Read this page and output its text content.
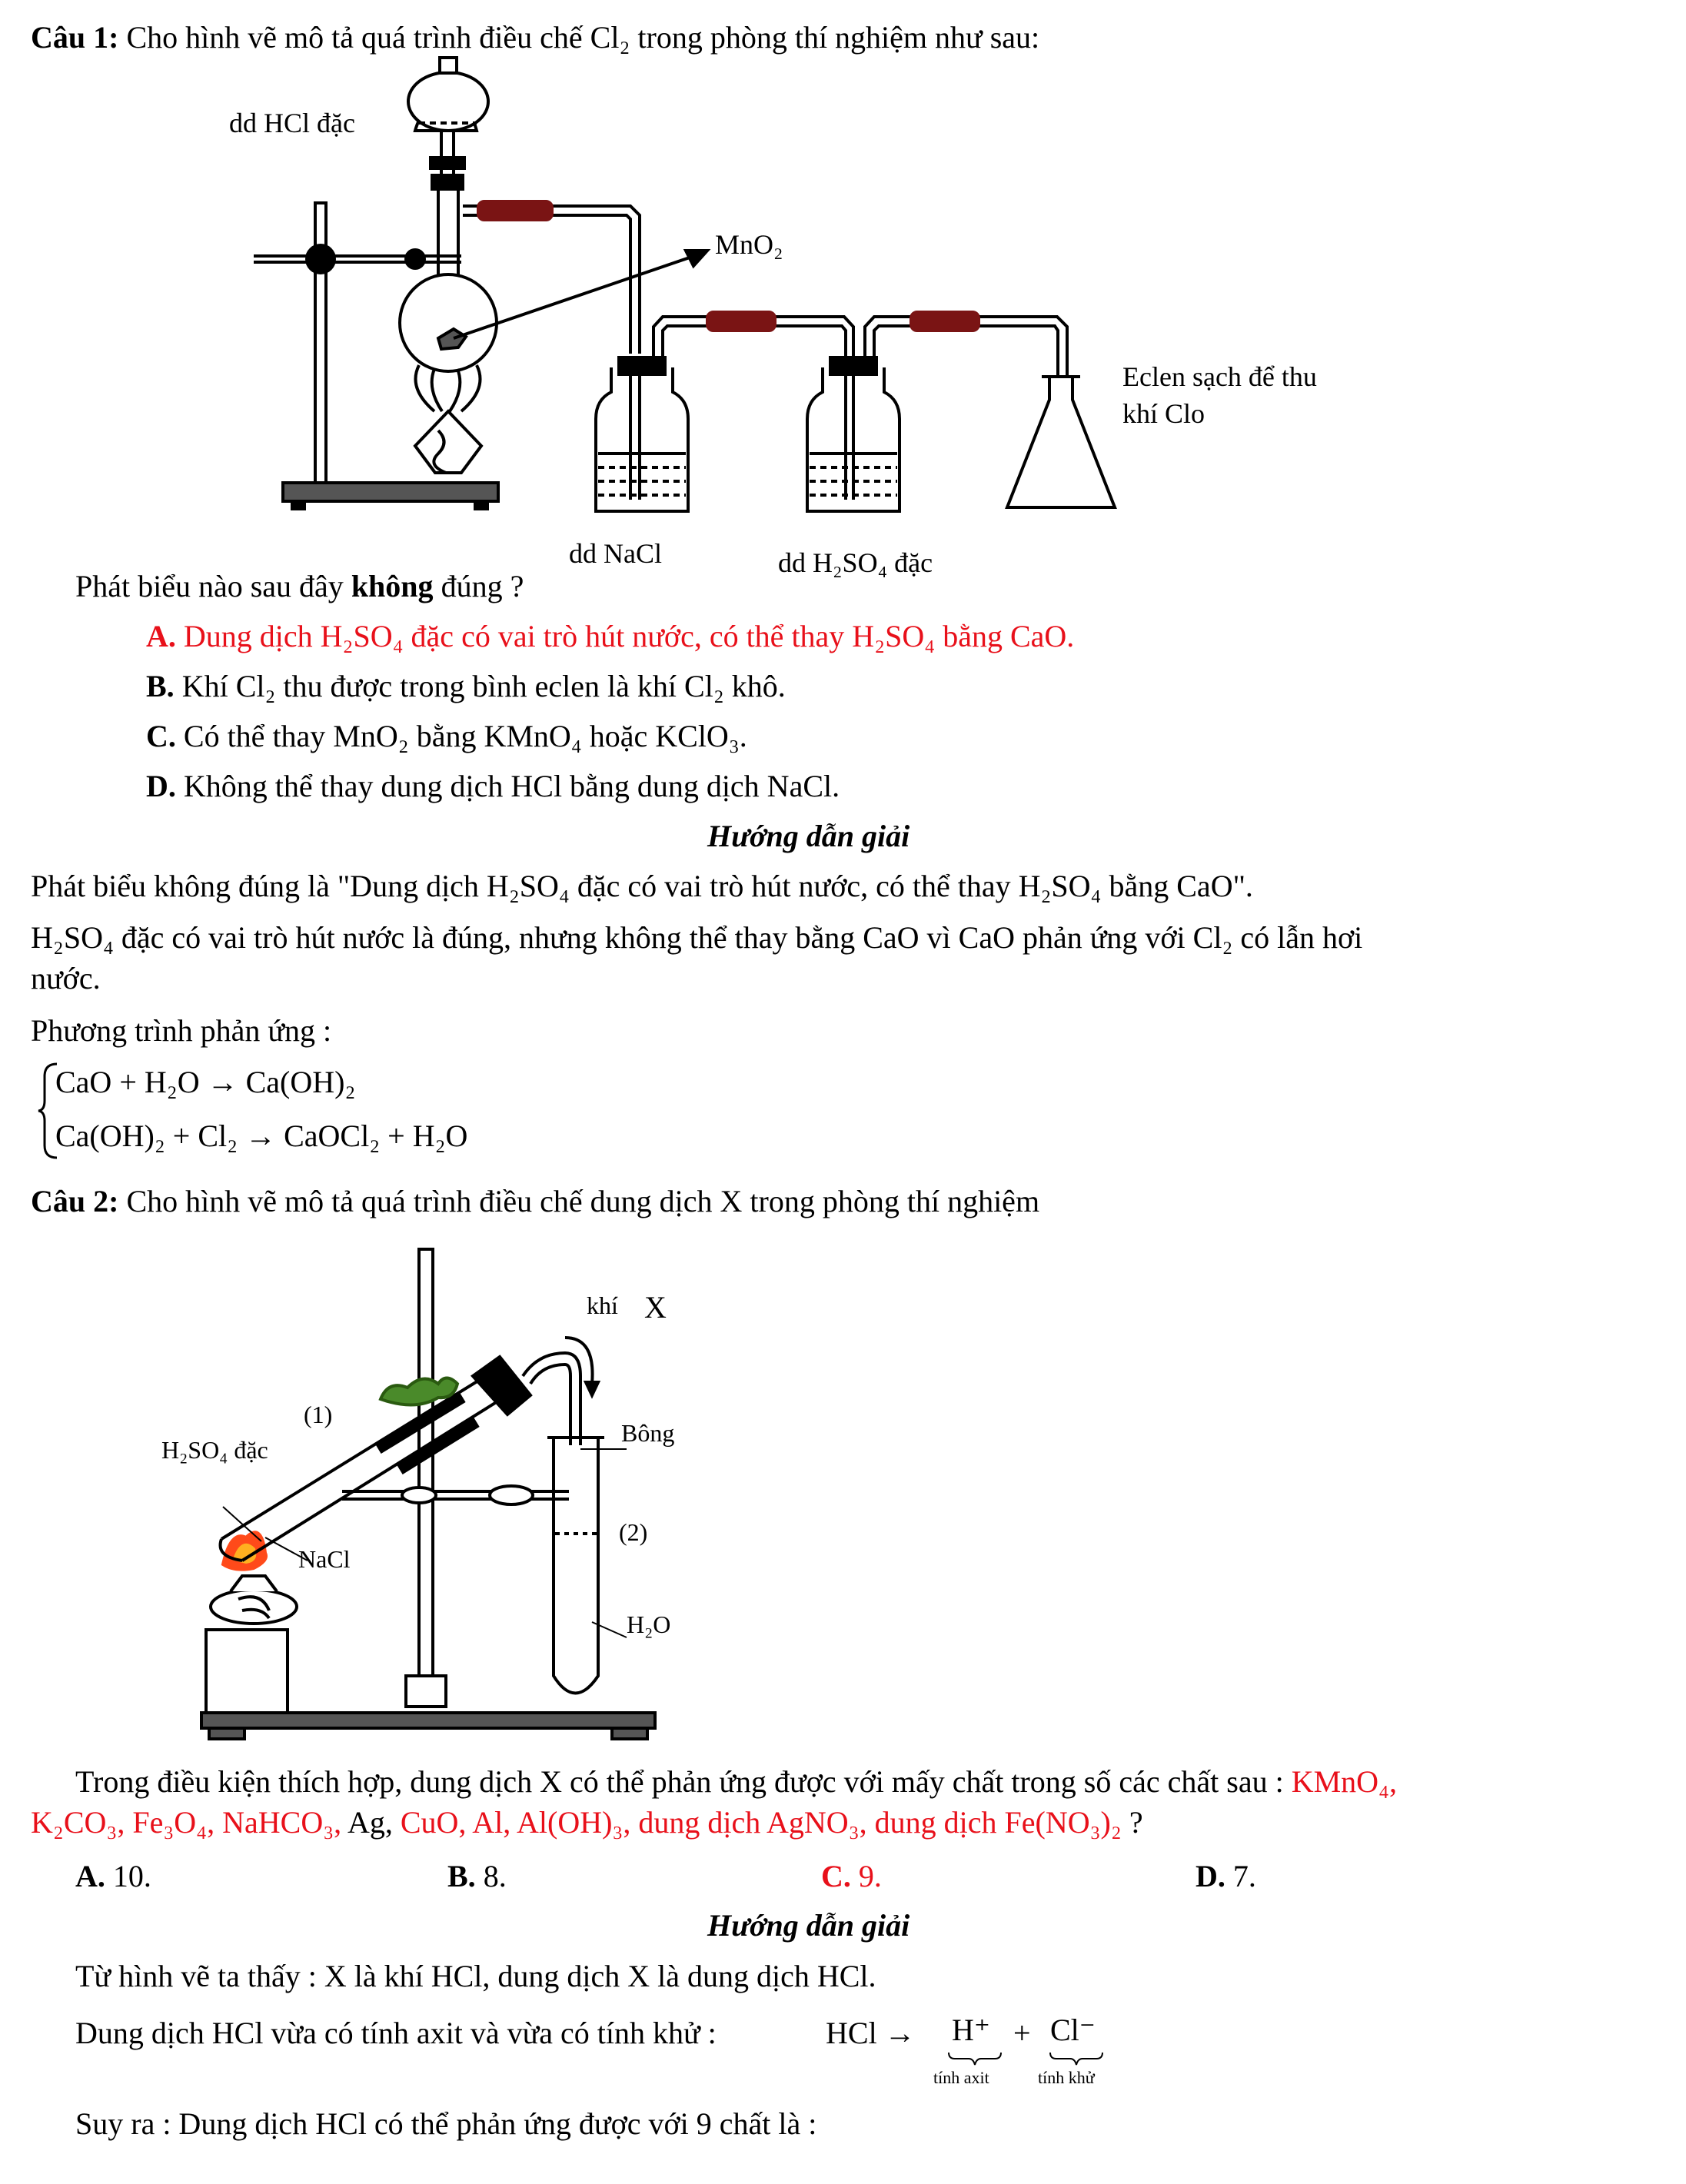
Câu 1: Cho hình vẽ mô tả quá trình điều chế Cl₂ trong phòng thí nghiệm như sau:
dd HCl đặc
MnO₂
Eclen sạch để thu
khí Clo
dd NaCl	dd H₂SO₄ đặc
Phát biểu nào sau đây không đúng ?
A. Dung dịch H₂SO₄ đặc có vai trò hút nước, có thể thay H₂SO₄ bằng CaO.
B. Khí Cl₂ thu được trong bình eclen là khí Cl₂ khô.
C. Có thể thay MnO₂ bằng KMnO₄ hoặc KClO₃.
D. Không thể thay dung dịch HCl bằng dung dịch NaCl.
Hướng dẫn giải
Phát biểu không đúng là "Dung dịch H₂SO₄ đặc có vai trò hút nước, có thể thay H₂SO₄ bằng CaO".
H₂SO₄ đặc có vai trò hút nước là đúng, nhưng không thể thay bằng CaO vì CaO phản ứng với Cl₂ có lẫn hơi
nước.
Phương trình phản ứng :
CaO + H₂O → Ca(OH)₂
Ca(OH)₂ + Cl₂ → CaOCl₂ + H₂O
Câu 2: Cho hình vẽ mô tả quá trình điều chế dung dịch X trong phòng thí nghiệm
khí X
H₂SO₄ đặc
(1)
Bông
NaCl
(2)
H₂O
Trong điều kiện thích hợp, dung dịch X có thể phản ứng được với mấy chất trong số các chất sau : KMnO₄,
K₂CO₃, Fe₃O₄, NaHCO₃, Ag, CuO, Al, Al(OH)₃, dung dịch AgNO₃, dung dịch Fe(NO₃)₂ ?
A. 10.	B. 8.	C. 9.	D. 7.
Hướng dẫn giải
Từ hình vẽ ta thấy : X là khí HCl, dung dịch X là dung dịch HCl.
Dung dịch HCl vừa có tính axit và vừa có tính khử :	HCl → H⁺ + Cl⁻
tính axit	tính khử
Suy ra : Dung dịch HCl có thể phản ứng được với 9 chất là :
